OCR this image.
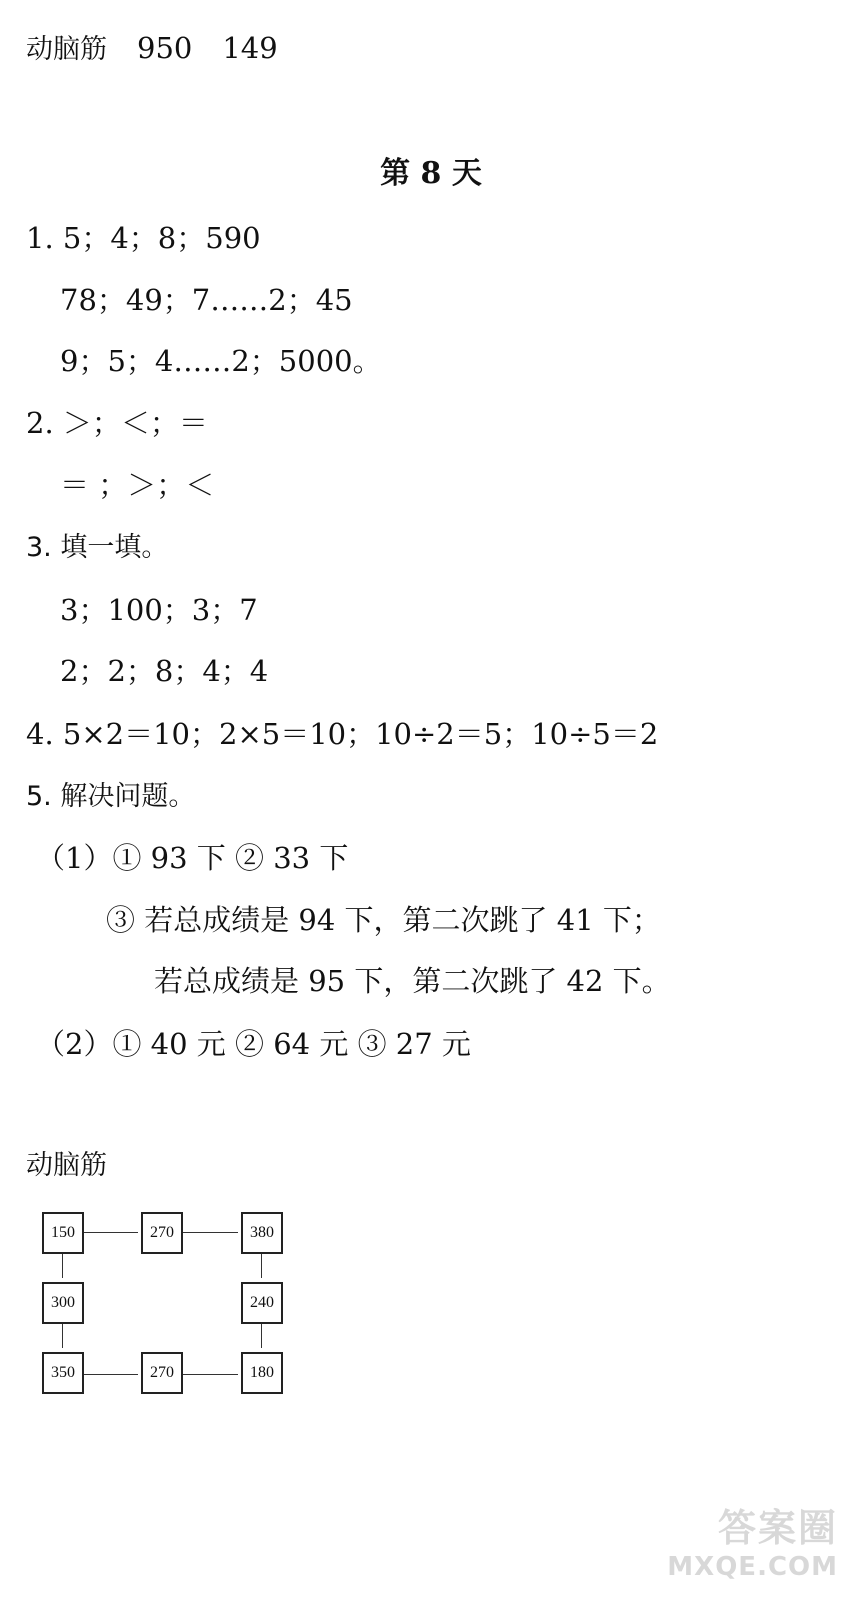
动脑筋 950 149
第 8 天
1. 5；4；8；590
78；49；7……2；45
9；5；4……2；5000。
2. ＞；＜；＝
＝ ；＞；＜
3. 填一填。
3；100；3；7
2；2；8；4；4
4. 5×2＝10；2×5＝10；10÷2＝5；10÷5＝2
5. 解决问题。
（1）① 93 下 ② 33 下
③ 若总成绩是 94 下，第二次跳了 41 下；
若总成绩是 95 下，第二次跳了 42 下。
（2）① 40 元 ② 64 元 ③ 27 元
动脑筋
150	270	380
300	240
350	270	180
答案圈
MXQE.COM
